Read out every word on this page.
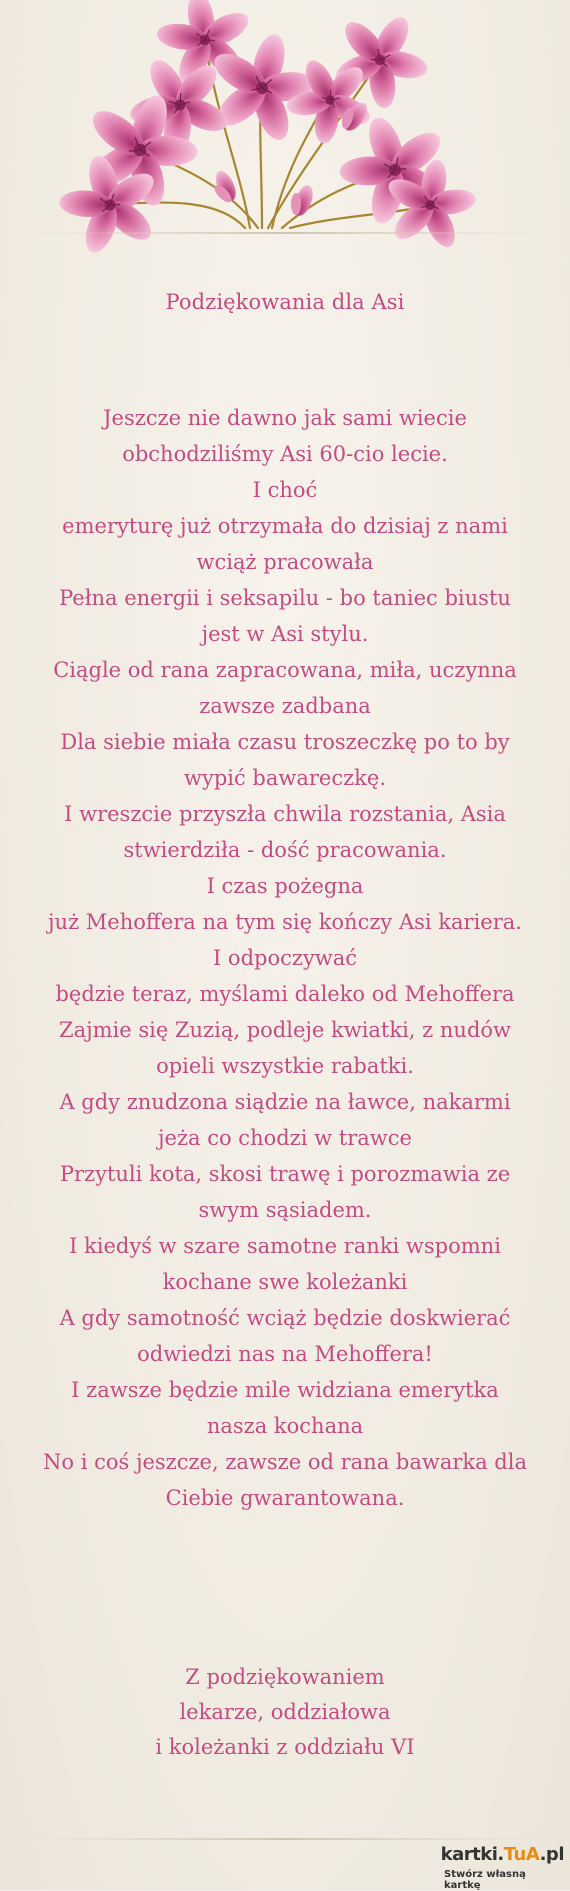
Podziękowania dla Asi
Jeszcze nie dawno jak sami wiecie obchodziliśmy Asi 60-cio lecie.
I choć
emeryturę już otrzymała do dzisiaj z nami wciąż pracowała
Pełna energii i seksapilu - bo taniec biustu jest w Asi stylu.
Ciągle od rana zapracowana, miła, uczynna zawsze zadbana
Dla siebie miała czasu troszeczkę po to by wypić bawareczkę.
I wreszcie przyszła chwila rozstania, Asia stwierdziła - dość pracowania.
I czas pożegna
już Mehoffera na tym się kończy Asi kariera.
I odpoczywać
będzie teraz, myślami daleko od Mehoffera
Zajmie się Zuzią, podleje kwiatki, z nudów opieli wszystkie rabatki.
A gdy znudzona siądzie na ławce, nakarmi jeża co chodzi w trawce
Przytuli kota, skosi trawę i porozmawia ze swym sąsiadem.
I kiedyś w szare samotne ranki wspomni kochane swe koleżanki
A gdy samotność wciąż będzie doskwierać
odwiedzi nas na Mehoffera!
I zawsze będzie mile widziana emerytka nasza kochana
No i coś jeszcze, zawsze od rana bawarka dla Ciebie gwarantowana.
Z podziękowaniem
lekarze, oddziałowa
i koleżanki z oddziału VI
kartki.TuA.pl
Stwórz własną kartkę
